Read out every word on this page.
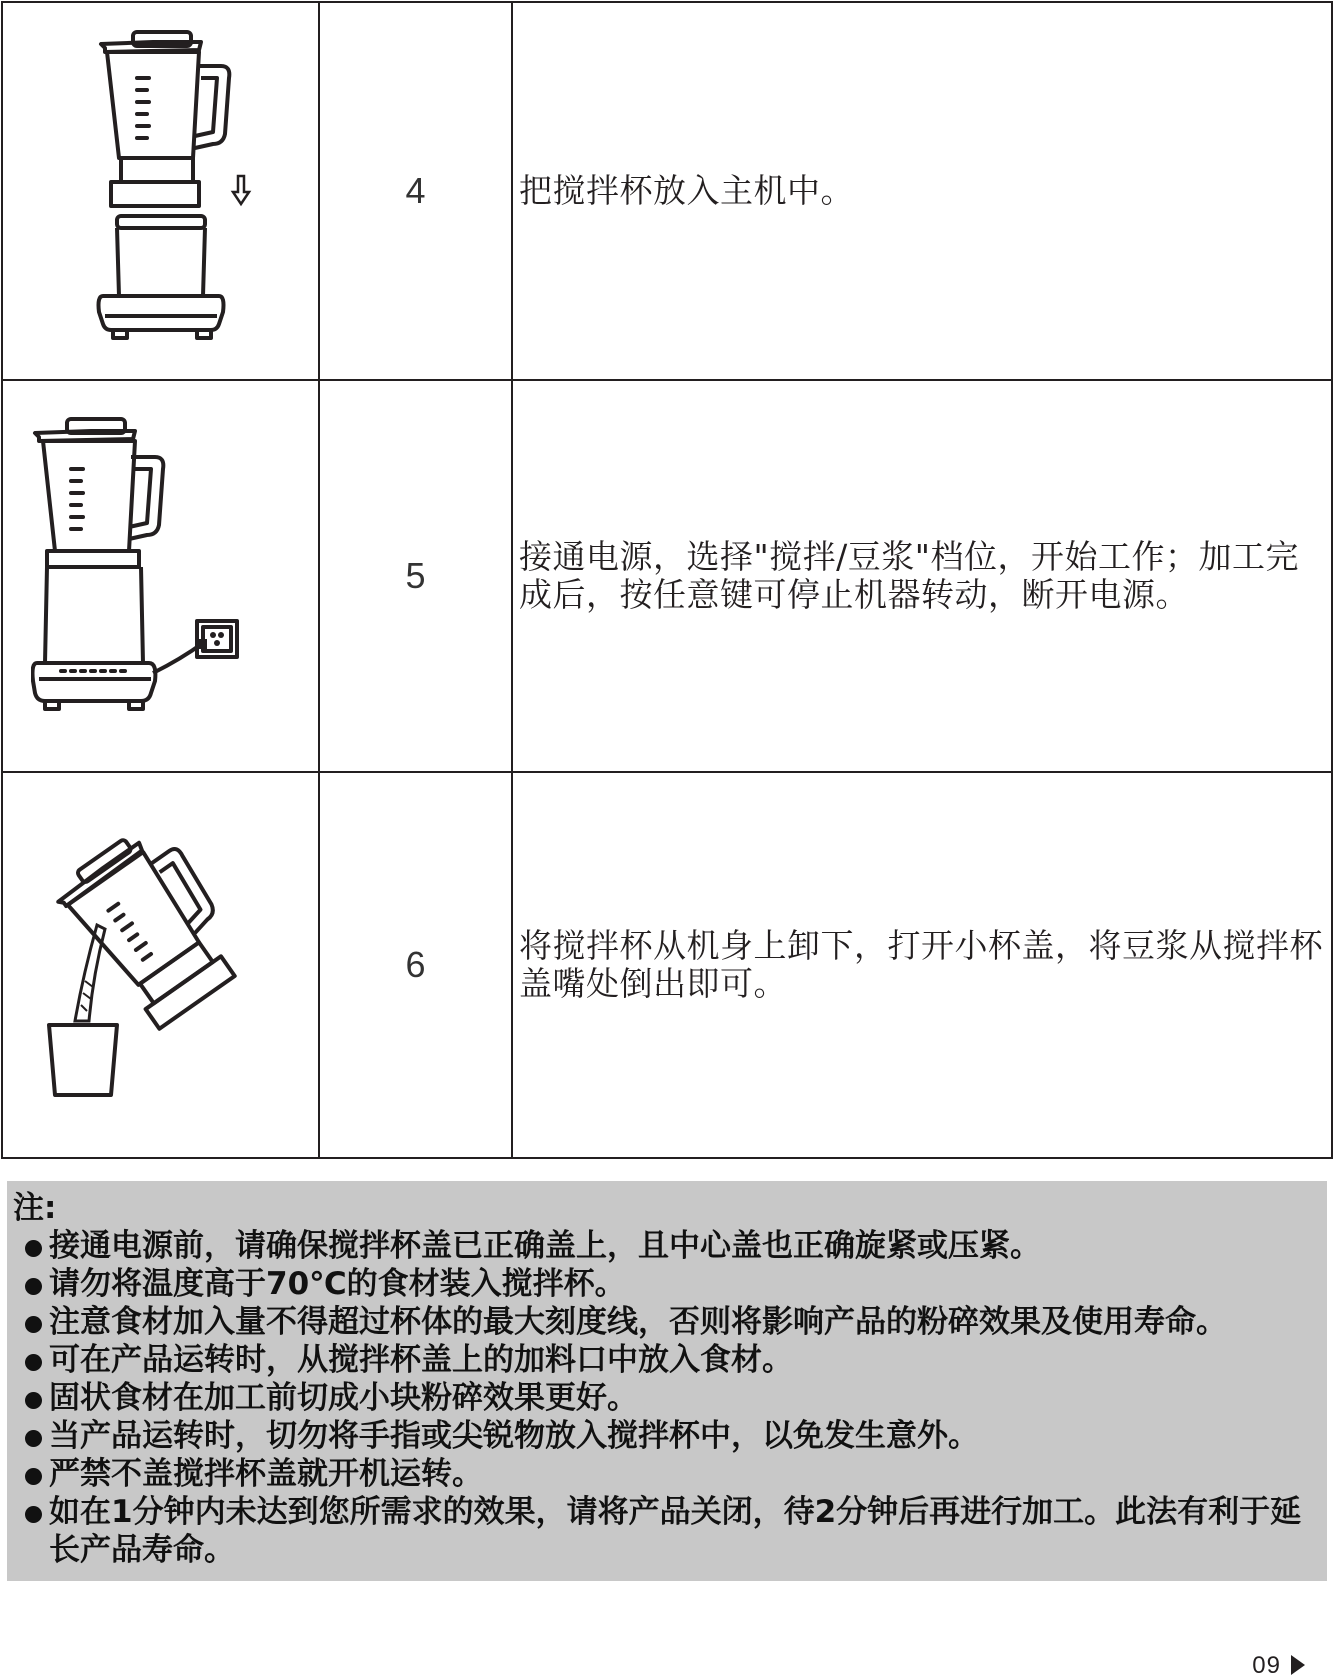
	4	把搅拌杯放入主机中。

	5	接通电源，选择"搅拌/豆浆"档位，开始工作；加工完成后，按任意键可停止机器转动，断开电源。

	6	将搅拌杯从机身上卸下，打开小杯盖，将豆浆从搅拌杯盖嘴处倒出即可。
注:
接通电源前，请确保搅拌杯盖已正确盖上，且中心盖也正确旋紧或压紧。
请勿将温度高于70℃的食材装入搅拌杯。
注意食材加入量不得超过杯体的最大刻度线，否则将影响产品的粉碎效果及使用寿命。
可在产品运转时，从搅拌杯盖上的加料口中放入食材。
固状食材在加工前切成小块粉碎效果更好。
当产品运转时，切勿将手指或尖锐物放入搅拌杯中，以免发生意外。
严禁不盖搅拌杯盖就开机运转。
如在1分钟内未达到您所需求的效果，请将产品关闭，待2分钟后再进行加工。此法有利于延长产品寿命。
09
